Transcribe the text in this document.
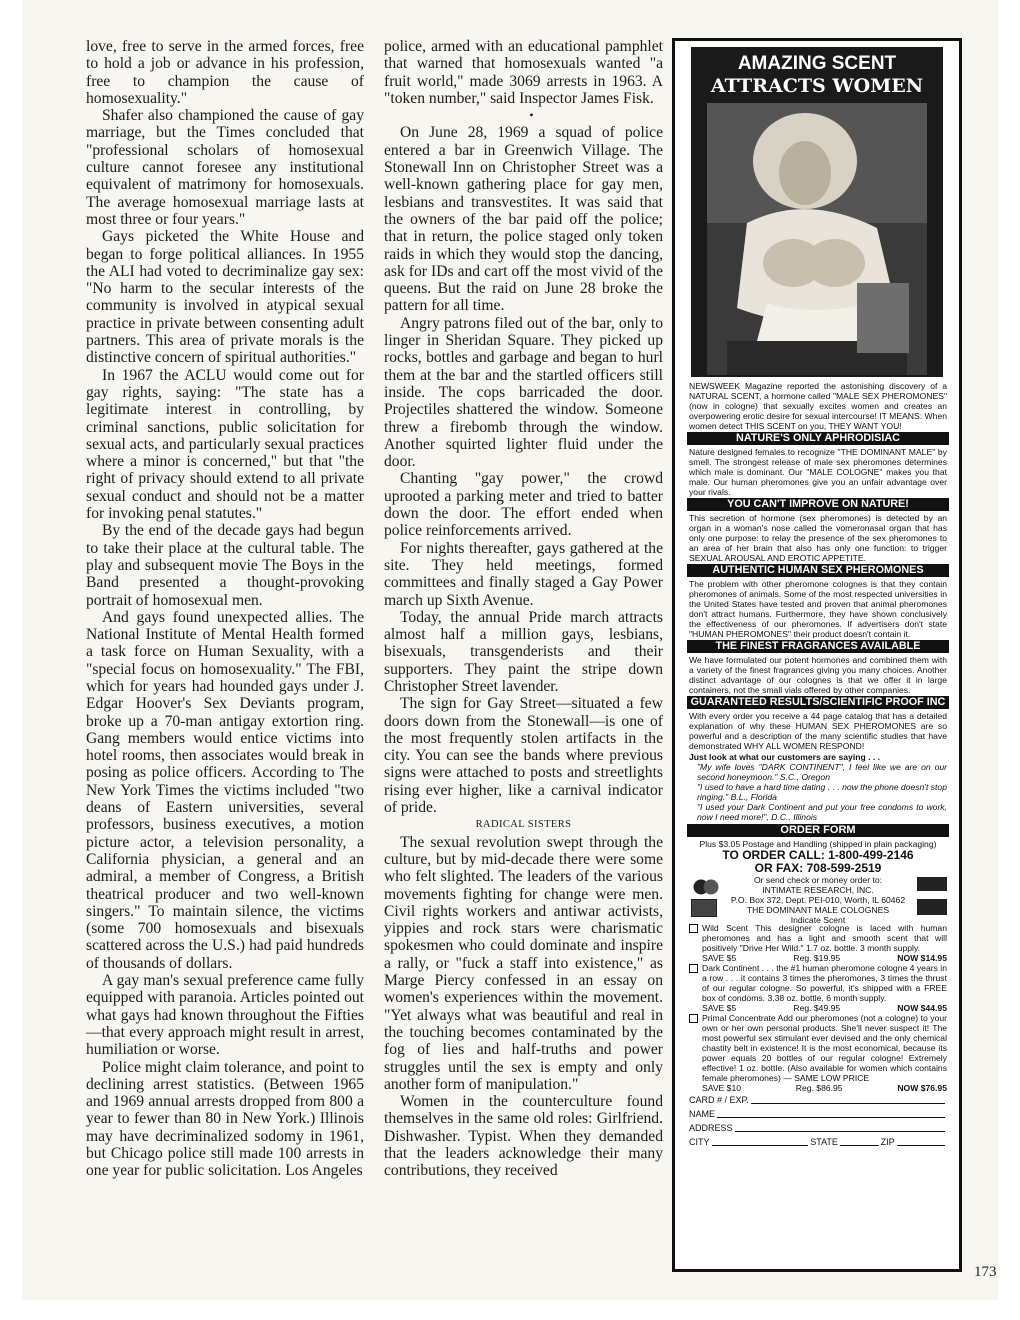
love, free to serve in the armed forces, free to hold a job or advance in his profession, free to champion the cause of homosexuality."

Shafer also championed the cause of gay marriage, but the Times concluded that "professional scholars of homosexual culture cannot foresee any institutional equivalent of matrimony for homosexuals. The average homosexual marriage lasts at most three or four years."

Gays picketed the White House and began to forge political alliances. In 1955 the ALI had voted to decriminalize gay sex: "No harm to the secular interests of the community is involved in atypical sexual practice in private between consenting adult partners. This area of private morals is the distinctive concern of spiritual authorities."

In 1967 the ACLU would come out for gay rights, saying: "The state has a legitimate interest in controlling, by criminal sanctions, public solicitation for sexual acts, and particularly sexual practices where a minor is concerned," but that "the right of privacy should extend to all private sexual conduct and should not be a matter for invoking penal statutes."

By the end of the decade gays had begun to take their place at the cultural table. The play and subsequent movie The Boys in the Band presented a thought-provoking portrait of homosexual men.

And gays found unexpected allies. The National Institute of Mental Health formed a task force on Human Sexuality, with a "special focus on homosexuality." The FBI, which for years had hounded gays under J. Edgar Hoover's Sex Deviants program, broke up a 70-man antigay extortion ring. Gang members would entice victims into hotel rooms, then associates would break in posing as police officers. According to The New York Times the victims included "two deans of Eastern universities, several professors, business executives, a motion picture actor, a television personality, a California physician, a general and an admiral, a member of Congress, a British theatrical producer and two well-known singers." To maintain silence, the victims (some 700 homosexuals and bisexuals scattered across the U.S.) had paid hundreds of thousands of dollars.

A gay man's sexual preference came fully equipped with paranoia. Articles pointed out what gays had known throughout the Fifties—that every approach might result in arrest, humiliation or worse.

Police might claim tolerance, and point to declining arrest statistics. (Between 1965 and 1969 annual arrests dropped from 800 a year to fewer than 80 in New York.) Illinois may have decriminalized sodomy in 1961, but Chicago police still made 100 arrests in one year for public solicitation. Los Angeles

police, armed with an educational pamphlet that warned that homosexuals wanted "a fruit world," made 3069 arrests in 1963. A "token number," said Inspector James Fisk.

•

On June 28, 1969 a squad of police entered a bar in Greenwich Village. The Stonewall Inn on Christopher Street was a well-known gathering place for gay men, lesbians and transvestites. It was said that the owners of the bar paid off the police; that in return, the police staged only token raids in which they would stop the dancing, ask for IDs and cart off the most vivid of the queens. But the raid on June 28 broke the pattern for all time.

Angry patrons filed out of the bar, only to linger in Sheridan Square. They picked up rocks, bottles and garbage and began to hurl them at the bar and the startled officers still inside. The cops barricaded the door. Projectiles shattered the window. Someone threw a firebomb through the window. Another squirted lighter fluid under the door.

Chanting "gay power," the crowd uprooted a parking meter and tried to batter down the door. The effort ended when police reinforcements arrived.

For nights thereafter, gays gathered at the site. They held meetings, formed committees and finally staged a Gay Power march up Sixth Avenue.

Today, the annual Pride march attracts almost half a million gays, lesbians, bisexuals, transgenderists and their supporters. They paint the stripe down Christopher Street lavender.

The sign for Gay Street—situated a few doors down from the Stonewall—is one of the most frequently stolen artifacts in the city. You can see the bands where previous signs were attached to posts and streetlights rising ever higher, like a carnival indicator of pride.

RADICAL SISTERS

The sexual revolution swept through the culture, but by mid-decade there were some who felt slighted. The leaders of the various movements fighting for change were men. Civil rights workers and antiwar activists, yippies and rock stars were charismatic spokesmen who could dominate and inspire a rally, or "fuck a staff into existence," as Marge Piercy confessed in an essay on women's experiences within the movement. "Yet always what was beautiful and real in the touching becomes contaminated by the fog of lies and half-truths and power struggles until the sex is empty and only another form of manipulation."

Women in the counterculture found themselves in the same old roles: Girlfriend. Dishwasher. Typist. When they demanded that the leaders acknowledge their many contributions, they received

AMAZING SCENT
ATTRACTS WOMEN

NEWSWEEK Magazine reported the astonishing discovery of a NATURAL SCENT, a hormone called "MALE SEX PHEROMONES" (now in cologne) that sexually excites women and creates an overpowering erotic desire for sexual intercourse! IT MEANS: When women detect THIS SCENT on you, THEY WANT YOU!

NATURE'S ONLY APHRODISIAC

Nature designed females to recognize "THE DOMINANT MALE" by smell. The strongest release of male sex pheromones determines which male is dominant. Our "MALE COLOGNE" makes you that male. Our human pheromones give you an unfair advantage over your rivals.

YOU CAN'T IMPROVE ON NATURE!

This secretion of hormone (sex pheromones) is detected by an organ in a woman's nose called the vomeronasal organ that has only one purpose: to relay the presence of the sex pheromones to an area of her brain that also has only one function: to trigger SEXUAL AROUSAL AND EROTIC APPETITE.

AUTHENTIC HUMAN SEX PHEROMONES

The problem with other pheromone colognes is that they contain pheromones of animals. Some of the most respected universities in the United States have tested and proven that animal pheromones don't attract humans. Furthermore, they have shown conclusively the effectiveness of our pheromones. If advertisers don't state "HUMAN PHEROMONES" their product doesn't contain it.

THE FINEST FRAGRANCES AVAILABLE

We have formulated our potent hormones and combined them with a variety of the finest fragrances giving you many choices. Another distinct advantage of our colognes is that we offer it in large containers, not the small vials offered by other companies.

GUARANTEED RESULTS/SCIENTIFIC PROOF INC

With every order you receive a 44 page catalog that has a detailed explanation of why these HUMAN SEX PHEROMONES are so powerful and a description of the many scientific studies that have demonstrated WHY ALL WOMEN RESPOND!

Just look at what our customers are saying . . .

"My wife loves "DARK CONTINENT", I feel like we are on our second honeymoon." S.C., Oregon

"I used to have a hard time dating . . . now the phone doesn't stop ringing." B.L., Florida

"I used your Dark Continent and put your free condoms to work, now I need more!", D.C., Illinois

ORDER FORM

Plus $3.05 Postage and Handling (shipped in plain packaging)

TO ORDER CALL: 1-800-499-2146

OR FAX: 708-599-2519

Or send check or money order to:
INTIMATE RESEARCH, INC.
P.O. Box 372, Dept. PEI-010, Worth, IL 60462
THE DOMINANT MALE COLOGNES
Indicate Scent
Wild Scent This designer cologne is laced with human pheromones and has a light and smooth scent that will positively "Drive Her Wild." 1.7 oz. bottle. 3 month supply.
SAVE $5	Reg. $19.95	NOW $14.95
Dark Continent . . . the #1 human pheromone cologne 4 years in a row . . . it contains 3 times the pheromones, 3 times the thrust of our regular cologne. So powerful, it's shipped with a FREE box of condoms. 3.38 oz. bottle. 6 month supply.
SAVE $5	Reg. $49.95	NOW $44.95
Primal Concentrate Add our pheromones (not a cologne) to your own or her own personal products. She'll never suspect it! The most powerful sex stimulant ever devised and the only chemical chastity belt in existence! It is the most economical, because its power equals 20 bottles of our regular cologne! Extremely effective! 1 oz. bottle. (Also available for women which contains female pheromones) — SAME LOW PRICE
SAVE $10	Reg. $86.95	NOW $76.95
CARD # / EXP.
NAME
ADDRESS
CITY	STATE	ZIP
173
